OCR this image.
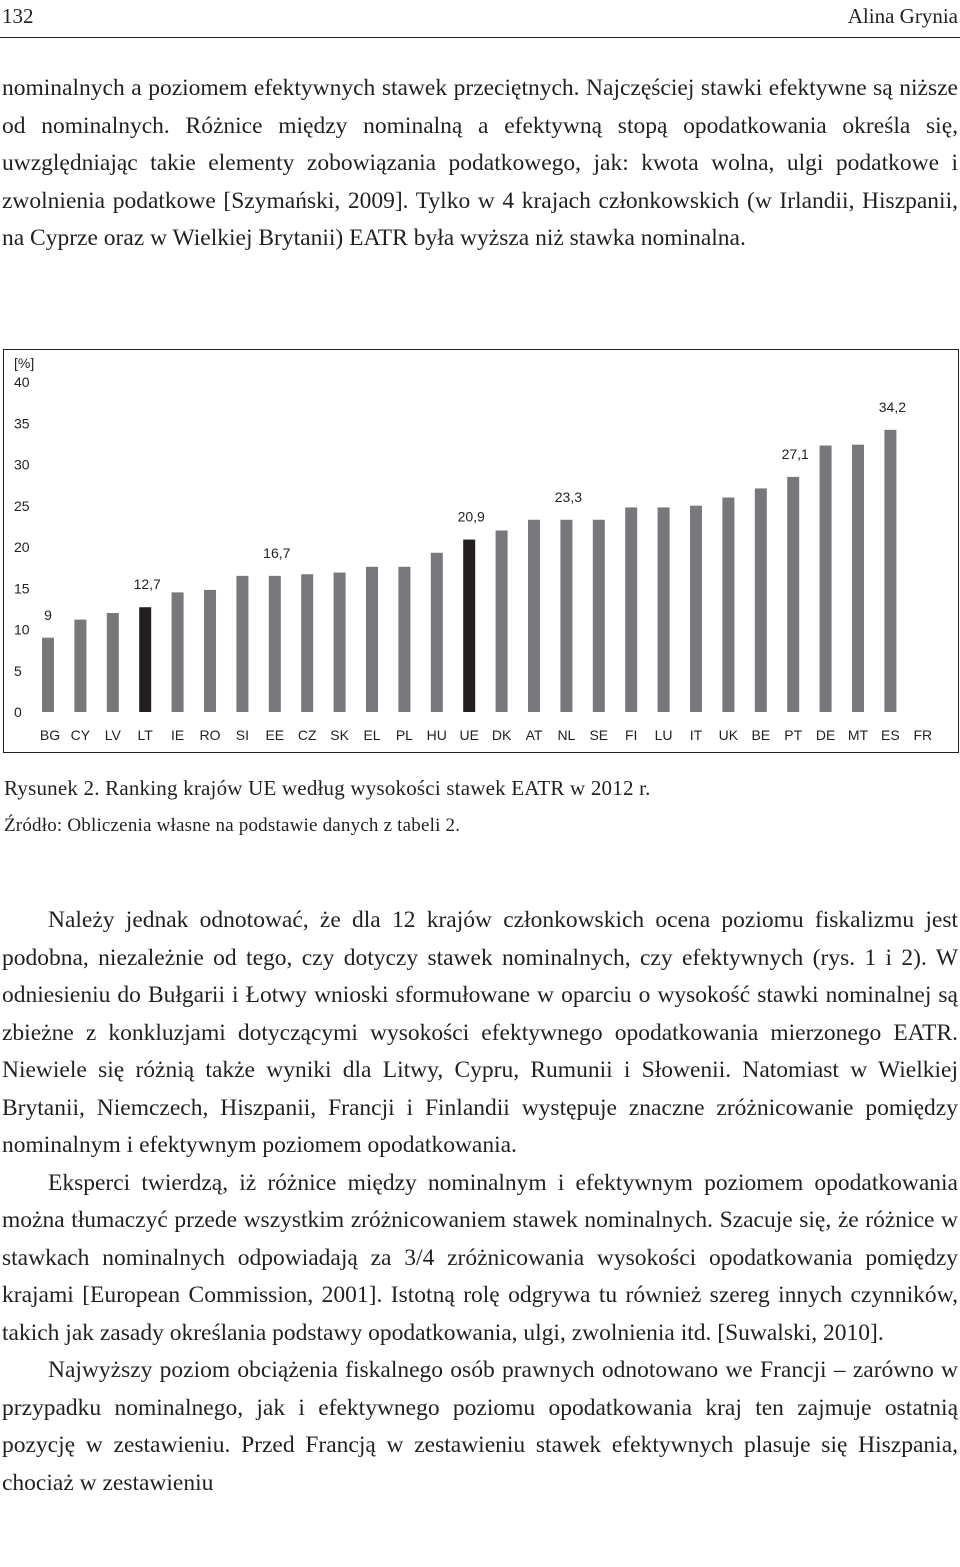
132	Alina Grynia

nominalnych a poziomem efektywnych stawek przeciętnych. Najczęściej stawki efektywne są niższe od nominalnych. Różnice między nominalną a efektywną stopą opodatkowania określa się, uwzględniając takie elementy zobowiązania podatkowego, jak: kwota wolna, ulgi podatkowe i zwolnienia podatkowe [Szymański, 2009]. Tylko w 4 krajach członkowskich (w Irlandii, Hiszpanii, na Cyprze oraz w Wielkiej Brytanii) EATR była wyższa niż stawka nominalna.

[%]
0
5
10
15
20
25
30
35
40
BG CY LV LT IE RO SI EE CZ SK EL PL HU UE DK AT NL SE FI LU IT UK BE PT DE MT ES FR
9
12,7
16,7
20,9
23,3
27,1
34,2
Rysunek 2. Ranking krajów UE według wysokości stawek EATR w 2012 r.
Źródło: Obliczenia własne na podstawie danych z tabeli 2.

Należy jednak odnotować, że dla 12 krajów członkowskich ocena poziomu fiskalizmu jest podobna, niezależnie od tego, czy dotyczy stawek nominalnych, czy efektywnych (rys. 1 i 2). W odniesieniu do Bułgarii i Łotwy wnioski sformułowane w oparciu o wysokość stawki nominalnej są zbieżne z konkluzjami dotyczącymi wysokości efektywnego opodatkowania mierzonego EATR. Niewiele się różnią także wyniki dla Litwy, Cypru, Rumunii i Słowenii. Natomiast w Wielkiej Brytanii, Niemczech, Hiszpanii, Francji i Finlandii występuje znaczne zróżnicowanie pomiędzy nominalnym i efektywnym poziomem opodatkowania.

Eksperci twierdzą, iż różnice między nominalnym i efektywnym poziomem opodatkowania można tłumaczyć przede wszystkim zróżnicowaniem stawek nominalnych. Szacuje się, że różnice w stawkach nominalnych odpowiadają za 3/4 zróżnicowania wysokości opodatkowania pomiędzy krajami [European Commission, 2001]. Istotną rolę odgrywa tu również szereg innych czynników, takich jak zasady określania podstawy opodatkowania, ulgi, zwolnienia itd. [Suwalski, 2010].

Najwyższy poziom obciążenia fiskalnego osób prawnych odnotowano we Francji – zarówno w przypadku nominalnego, jak i efektywnego poziomu opodatkowania kraj ten zajmuje ostatnią pozycję w zestawieniu. Przed Francją w zestawieniu stawek efektywnych plasuje się Hiszpania, chociaż w zestawieniu
